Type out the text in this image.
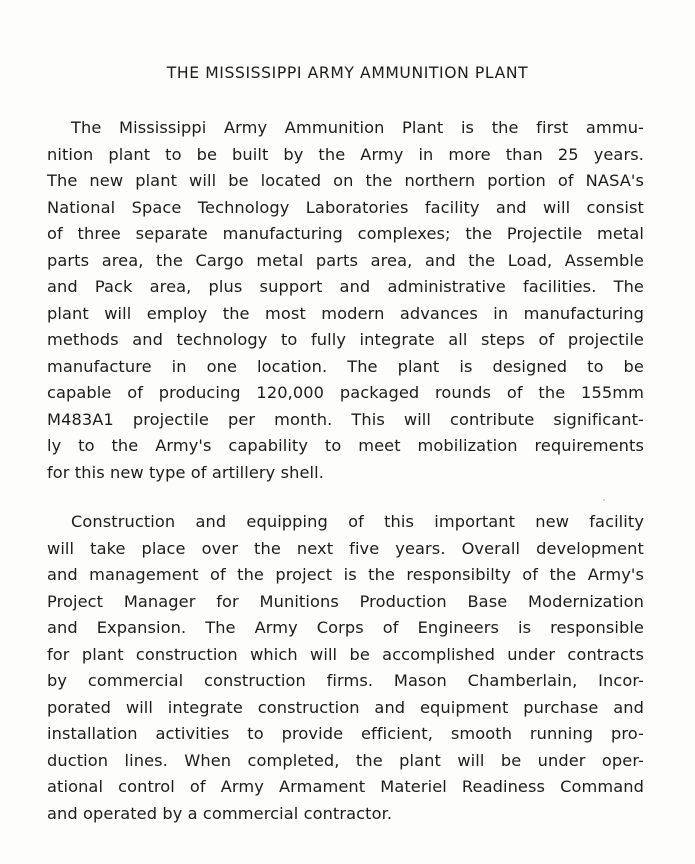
THE MISSISSIPPI ARMY AMMUNITION PLANT
The Mississippi Army Ammunition Plant is the first ammu-
nition plant to be built by the Army in more than 25 years.
The new plant will be located on the northern portion of NASA's
National Space Technology Laboratories facility and will consist
of three separate manufacturing complexes; the Projectile metal
parts area, the Cargo metal parts area, and the Load, Assemble
and Pack area, plus support and administrative facilities. The
plant will employ the most modern advances in manufacturing
methods and technology to fully integrate all steps of projectile
manufacture in one location. The plant is designed to be
capable of producing 120,000 packaged rounds of the 155mm
M483A1 projectile per month. This will contribute significant-
ly to the Army's capability to meet mobilization requirements
for this new type of artillery shell.
Construction and equipping of this important new facility
will take place over the next five years. Overall development
and management of the project is the responsibilty of the Army's
Project Manager for Munitions Production Base Modernization
and Expansion. The Army Corps of Engineers is responsible
for plant construction which will be accomplished under contracts
by commercial construction firms. Mason Chamberlain, Incor-
porated will integrate construction and equipment purchase and
installation activities to provide efficient, smooth running pro-
duction lines. When completed, the plant will be under oper-
ational control of Army Armament Materiel Readiness Command
and operated by a commercial contractor.
